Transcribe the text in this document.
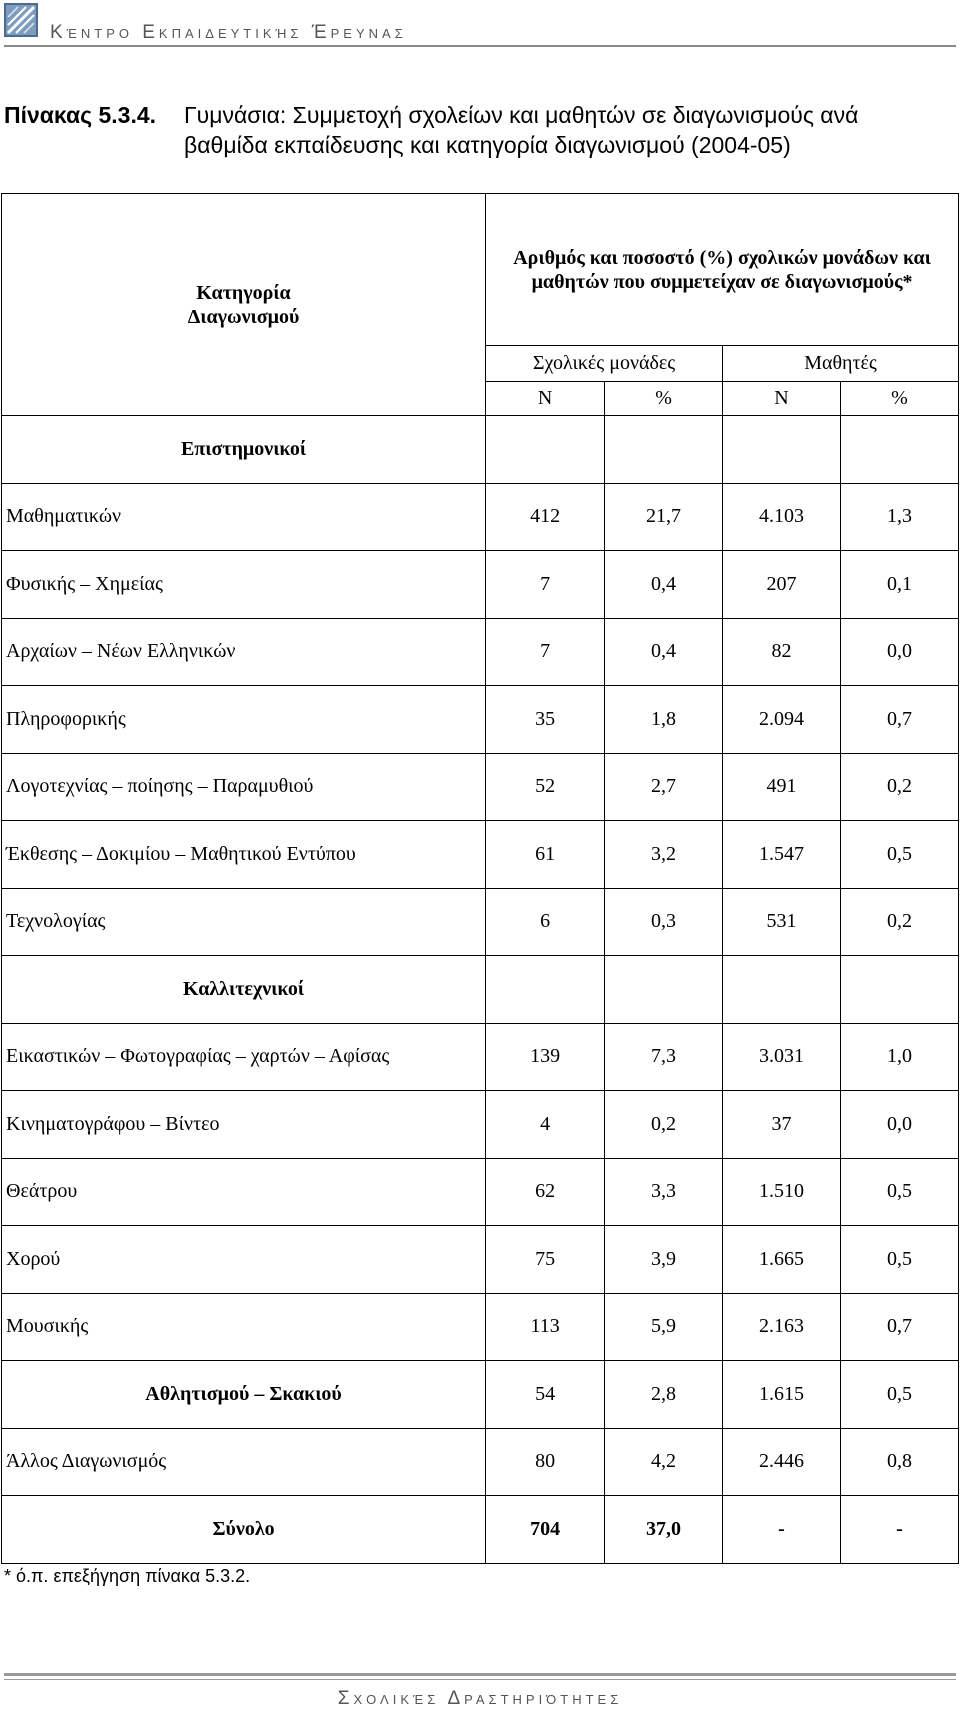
Κέντρο Εκπαιδευτικής Έρευνας
Πίνακας 5.3.4. Γυμνάσια: Συμμετοχή σχολείων και μαθητών σε διαγωνισμούς ανά βαθμίδα εκπαίδευσης και κατηγορία διαγωνισμού (2004-05)
Κατηγορία Διαγωνισμού	Αριθμός και ποσοστό (%) σχολικών μονάδων και μαθητών που συμμετείχαν σε διαγωνισμούς*			

	Σχολικές μονάδες		Μαθητές	
	N	%	N	%
Επιστημονικοί				
Μαθηματικών	412	21,7	4.103	1,3
Φυσικής – Χημείας	7	0,4	207	0,1
Αρχαίων – Νέων Ελληνικών	7	0,4	82	0,0
Πληροφορικής	35	1,8	2.094	0,7
Λογοτεχνίας – ποίησης – Παραμυθιού	52	2,7	491	0,2
Έκθεσης – Δοκιμίου – Μαθητικού Εντύπου	61	3,2	1.547	0,5
Τεχνολογίας	6	0,3	531	0,2
Καλλιτεχνικοί				
Εικαστικών – Φωτογραφίας – χαρτών – Αφίσας	139	7,3	3.031	1,0
Κινηματογράφου – Βίντεο	4	0,2	37	0,0
Θεάτρου	62	3,3	1.510	0,5
Χορού	75	3,9	1.665	0,5
Μουσικής	113	5,9	2.163	0,7
Αθλητισμού – Σκακιού	54	2,8	1.615	0,5
Άλλος Διαγωνισμός	80	4,2	2.446	0,8
Σύνολο	704	37,0	-	-
* ό.π. επεξήγηση πίνακα 5.3.2.
Σχολικές Δραστηριότητες
